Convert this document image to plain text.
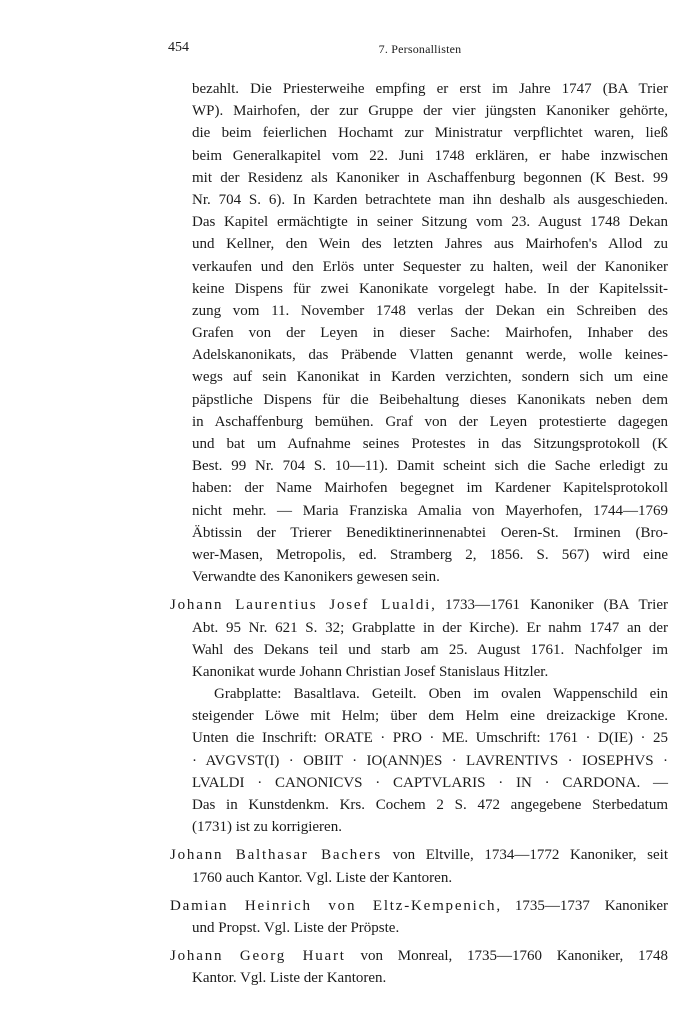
454	7. Personallisten
bezahlt. Die Priesterweihe empfing er erst im Jahre 1747 (BA Trier
WP). Mairhofen, der zur Gruppe der vier jüngsten Kanoniker gehörte,
die beim feierlichen Hochamt zur Ministratur verpflichtet waren, ließ
beim Generalkapitel vom 22. Juni 1748 erklären, er habe inzwischen
mit der Residenz als Kanoniker in Aschaffenburg begonnen (K Best. 99
Nr. 704 S. 6). In Karden betrachtete man ihn deshalb als ausgeschieden.
Das Kapitel ermächtigte in seiner Sitzung vom 23. August 1748 Dekan
und Kellner, den Wein des letzten Jahres aus Mairhofen's Allod zu
verkaufen und den Erlös unter Sequester zu halten, weil der Kanoniker
keine Dispens für zwei Kanonikate vorgelegt habe. In der Kapitelssit-
zung vom 11. November 1748 verlas der Dekan ein Schreiben des
Grafen von der Leyen in dieser Sache: Mairhofen, Inhaber des
Adelskanonikats, das Präbende Vlatten genannt werde, wolle keines-
wegs auf sein Kanonikat in Karden verzichten, sondern sich um eine
päpstliche Dispens für die Beibehaltung dieses Kanonikats neben dem
in Aschaffenburg bemühen. Graf von der Leyen protestierte dagegen
und bat um Aufnahme seines Protestes in das Sitzungsprotokoll (K
Best. 99 Nr. 704 S. 10—11). Damit scheint sich die Sache erledigt zu
haben: der Name Mairhofen begegnet im Kardener Kapitelsprotokoll
nicht mehr. — Maria Franziska Amalia von Mayerhofen, 1744—1769
Äbtissin der Trierer Benediktinerinnenabtei Oeren-St. Irminen (Bro-
wer-Masen, Metropolis, ed. Stramberg 2, 1856. S. 567) wird eine
Verwandte des Kanonikers gewesen sein.
Johann Laurentius Josef Lualdi, 1733—1761 Kanoniker (BA Trier
Abt. 95 Nr. 621 S. 32; Grabplatte in der Kirche). Er nahm 1747 an der
Wahl des Dekans teil und starb am 25. August 1761. Nachfolger im
Kanonikat wurde Johann Christian Josef Stanislaus Hitzler.
Grabplatte: Basaltlava. Geteilt. Oben im ovalen Wappenschild ein
steigender Löwe mit Helm; über dem Helm eine dreizackige Krone.
Unten die Inschrift: ORATE · PRO · ME. Umschrift: 1761 · D(IE) · 25
· AVGVST(I) · OBIIT · IO(ANN)ES · LAVRENTIVS · IOSEPHVS ·
LVALDI · CANONICVS · CAPTVLARIS · IN · CARDONA. —
Das in Kunstdenkm. Krs. Cochem 2 S. 472 angegebene Sterbedatum
(1731) ist zu korrigieren.
Johann Balthasar Bachers von Eltville, 1734—1772 Kanoniker, seit
1760 auch Kantor. Vgl. Liste der Kantoren.
Damian Heinrich von Eltz-Kempenich, 1735—1737 Kanoniker
und Propst. Vgl. Liste der Pröpste.
Johann Georg Huart von Monreal, 1735—1760 Kanoniker, 1748
Kantor. Vgl. Liste der Kantoren.
